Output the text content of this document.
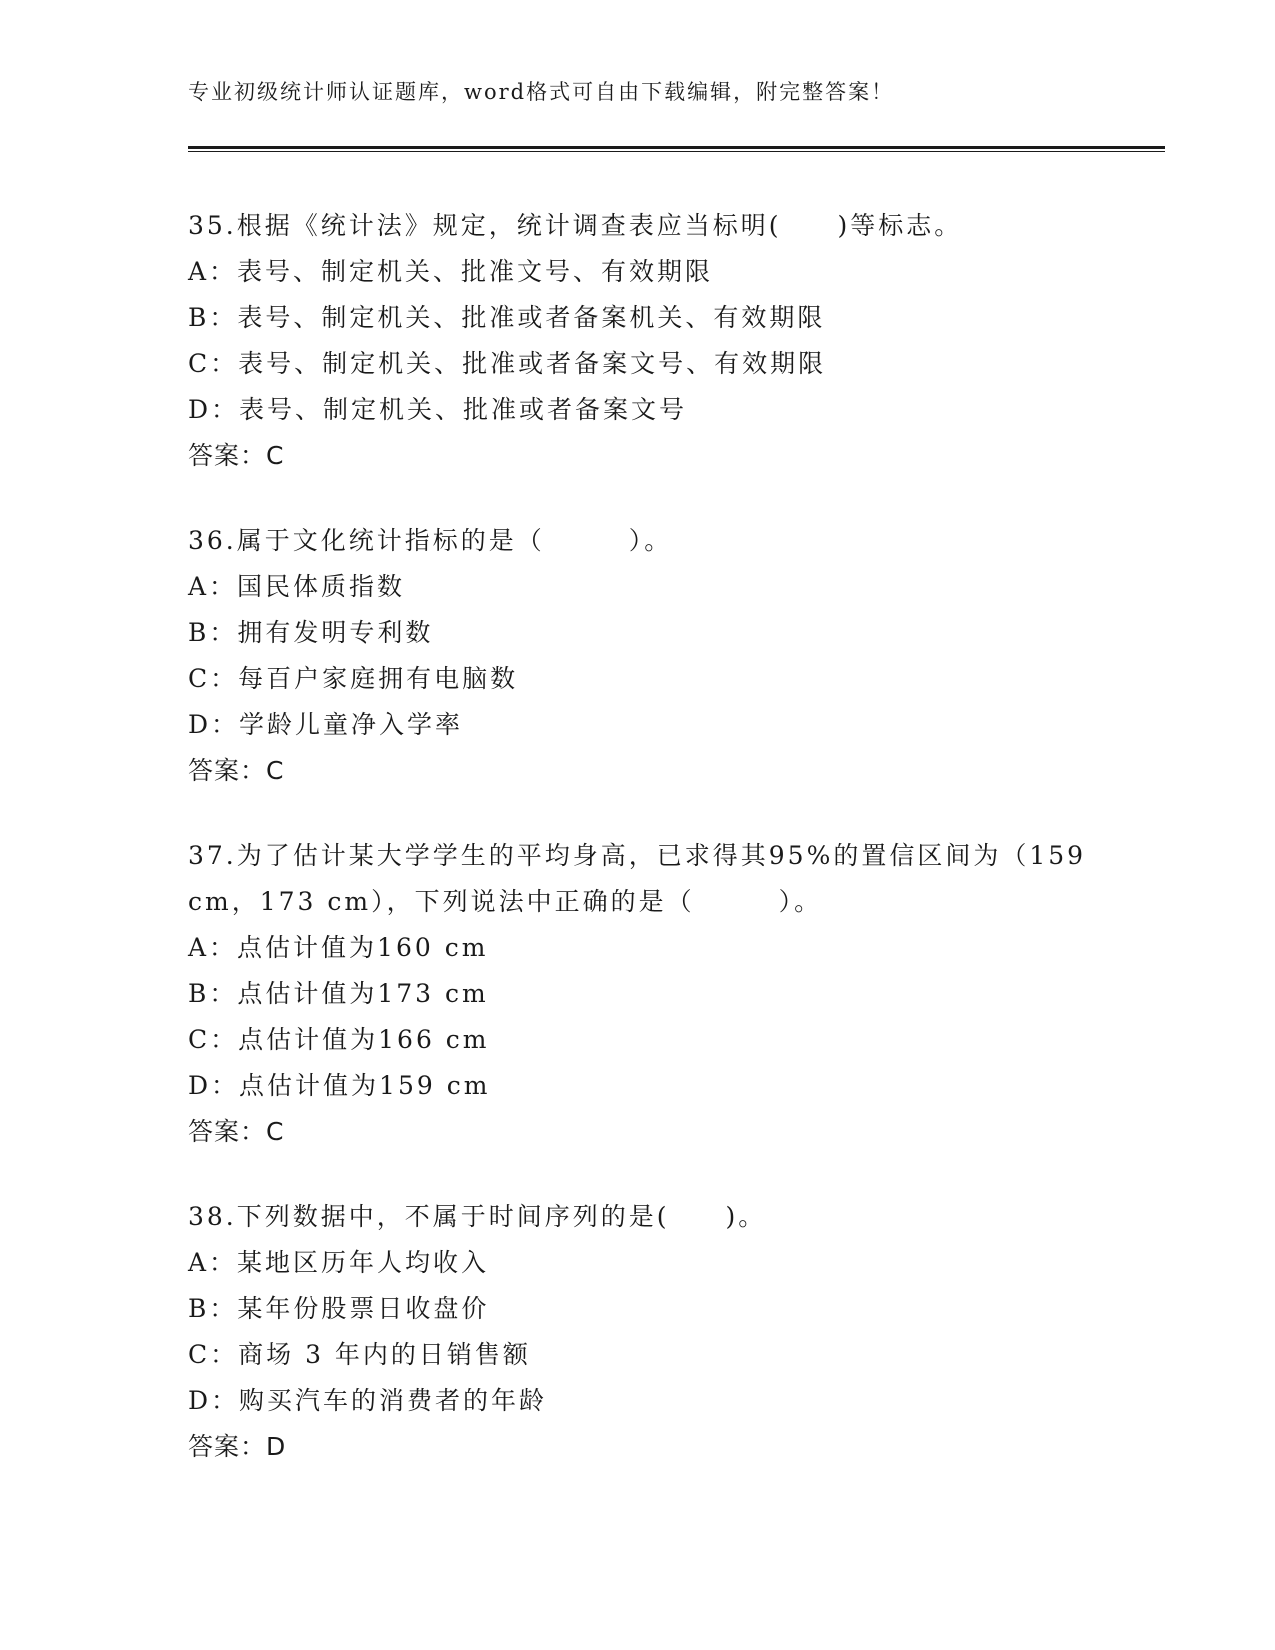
专业初级统计师认证题库，word格式可自由下载编辑，附完整答案！
35.根据《统计法》规定，统计调查表应当标明(　　)等标志。
A：表号、制定机关、批准文号、有效期限
B：表号、制定机关、批准或者备案机关、有效期限
C：表号、制定机关、批准或者备案文号、有效期限
D：表号、制定机关、批准或者备案文号
答案：C
36.属于文化统计指标的是（　　　）。
A：国民体质指数
B：拥有发明专利数
C：每百户家庭拥有电脑数
D：学龄儿童净入学率
答案：C
37.为了估计某大学学生的平均身高，已求得其95%的置信区间为（159
cm，173 cm），下列说法中正确的是（　　　）。
A：点估计值为160 cm
B：点估计值为173 cm
C：点估计值为166 cm
D：点估计值为159 cm
答案：C
38.下列数据中，不属于时间序列的是(　　)。
A：某地区历年人均收入
B：某年份股票日收盘价
C：商场 3 年内的日销售额
D：购买汽车的消费者的年龄
答案：D
